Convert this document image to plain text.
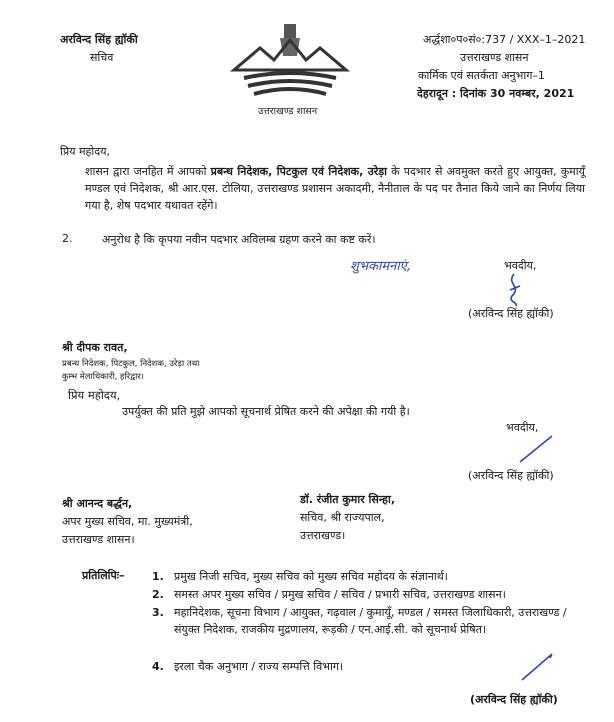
अरविन्द सिंह ह्यॉकी
सचिव
उत्तराखण्ड शासन
अर्द्धशा०प०सं०:737 / XXX–1–2021
उत्तराखण्ड शासन
कार्मिक एवं सतर्कता अनुभाग–1
देहरादून : दिनांक 30 नवम्बर, 2021
प्रिय महोदय,
शासन द्वारा जनहित में आपको प्रबन्ध निदेशक, पिटकुल एवं निदेशक, उरेड़ा के पदभार से अवमुक्त करते हुए आयुक्त, कुमायूँ मण्डल एवं निदेशक, श्री आर.एस. टोलिया, उत्तराखण्ड प्रशासन अकादमी, नैनीताल के पद पर तैनात किये जाने का निर्णय लिया गया है, शेष पदभार यथावत रहेंगे।
2.	अनुरोध है कि कृपया नवीन पदभार अविलम्ब ग्रहण करने का कष्ट करें।
शुभकामनाएं,	भवदीय,
(अरविन्द सिंह ह्यॉकी)
श्री दीपक रावत,
प्रबन्ध निदेशक, पिटकुल, निदेशक, उरेड़ा तथा
कुम्भ मेलाधिकारी, हरिद्वार।
प्रिय महोदय,
उपर्युक्त की प्रति मुझे आपको सूचनार्थ प्रेषित करने की अपेक्षा की गयी है।
भवदीय,
(अरविन्द सिंह ह्यॉकी)
श्री आनन्द बर्द्धन,
अपर मुख्य सचिव, मा. मुख्यमंत्री,
उत्तराखण्ड शासन।
डॉ. रंजीत कुमार सिन्हा,
सचिव, श्री राज्यपाल,
उत्तराखण्ड।
प्रतिलिपिः– 1. प्रमुख निजी सचिव, मुख्य सचिव को मुख्य सचिव महोदय के संज्ञानार्थ।
2. समस्त अपर मुख्य सचिव / प्रमुख सचिव / सचिव / प्रभारी सचिव, उत्तराखण्ड शासन।
3. महानिदेशक, सूचना विभाग / आयुक्त, गढ़वाल / कुमायूँ, मण्डल / समस्त जिलाधिकारी, उत्तराखण्ड / संयुक्त निदेशक, राजकीय मुद्रणालय, रूड़की / एन.आई.सी. को सूचनार्थ प्रेषित।
4. इरला चैक अनुभाग / राज्य सम्पत्ति विभाग।
(अरविन्द सिंह ह्यॉकी)
